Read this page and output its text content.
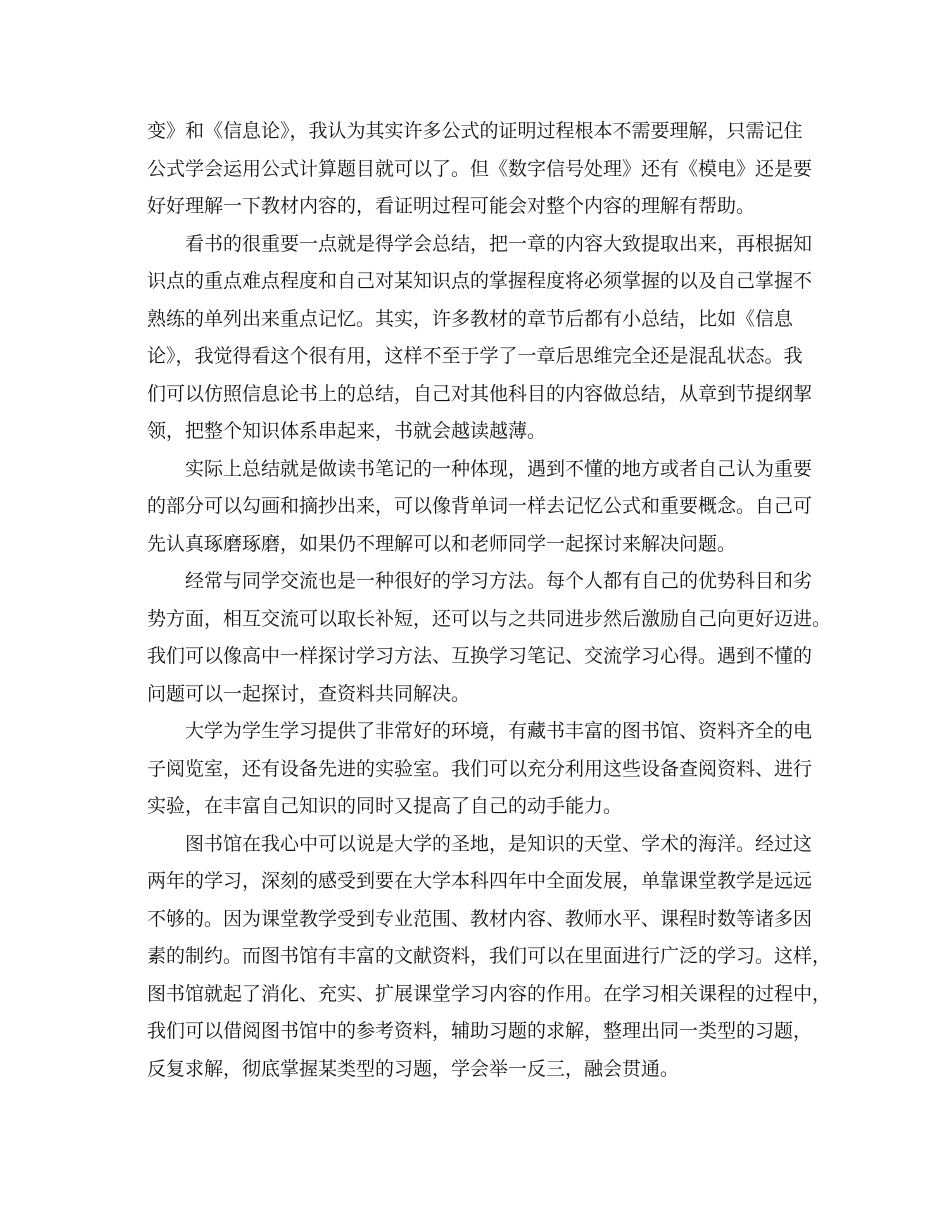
变》和《信息论》，我认为其实许多公式的证明过程根本不需要理解，只需记住
公式学会运用公式计算题目就可以了。但《数字信号处理》还有《模电》还是要
好好理解一下教材内容的，看证明过程可能会对整个内容的理解有帮助。
看书的很重要一点就是得学会总结，把一章的内容大致提取出来，再根据知
识点的重点难点程度和自己对某知识点的掌握程度将必须掌握的以及自己掌握不
熟练的单列出来重点记忆。其实，许多教材的章节后都有小总结，比如《信息
论》，我觉得看这个很有用，这样不至于学了一章后思维完全还是混乱状态。我
们可以仿照信息论书上的总结，自己对其他科目的内容做总结，从章到节提纲挈
领，把整个知识体系串起来，书就会越读越薄。
实际上总结就是做读书笔记的一种体现，遇到不懂的地方或者自己认为重要
的部分可以勾画和摘抄出来，可以像背单词一样去记忆公式和重要概念。自己可
先认真琢磨琢磨，如果仍不理解可以和老师同学一起探讨来解决问题。
经常与同学交流也是一种很好的学习方法。每个人都有自己的优势科目和劣
势方面，相互交流可以取长补短，还可以与之共同进步然后激励自己向更好迈进。
我们可以像高中一样探讨学习方法、互换学习笔记、交流学习心得。遇到不懂的
问题可以一起探讨，查资料共同解决。
大学为学生学习提供了非常好的环境，有藏书丰富的图书馆、资料齐全的电
子阅览室，还有设备先进的实验室。我们可以充分利用这些设备查阅资料、进行
实验，在丰富自己知识的同时又提高了自己的动手能力。
图书馆在我心中可以说是大学的圣地，是知识的天堂、学术的海洋。经过这
两年的学习，深刻的感受到要在大学本科四年中全面发展，单靠课堂教学是远远
不够的。因为课堂教学受到专业范围、教材内容、教师水平、课程时数等诸多因
素的制约。而图书馆有丰富的文献资料，我们可以在里面进行广泛的学习。这样，
图书馆就起了消化、充实、扩展课堂学习内容的作用。在学习相关课程的过程中，
我们可以借阅图书馆中的参考资料，辅助习题的求解，整理出同一类型的习题，
反复求解，彻底掌握某类型的习题，学会举一反三，融会贯通。
